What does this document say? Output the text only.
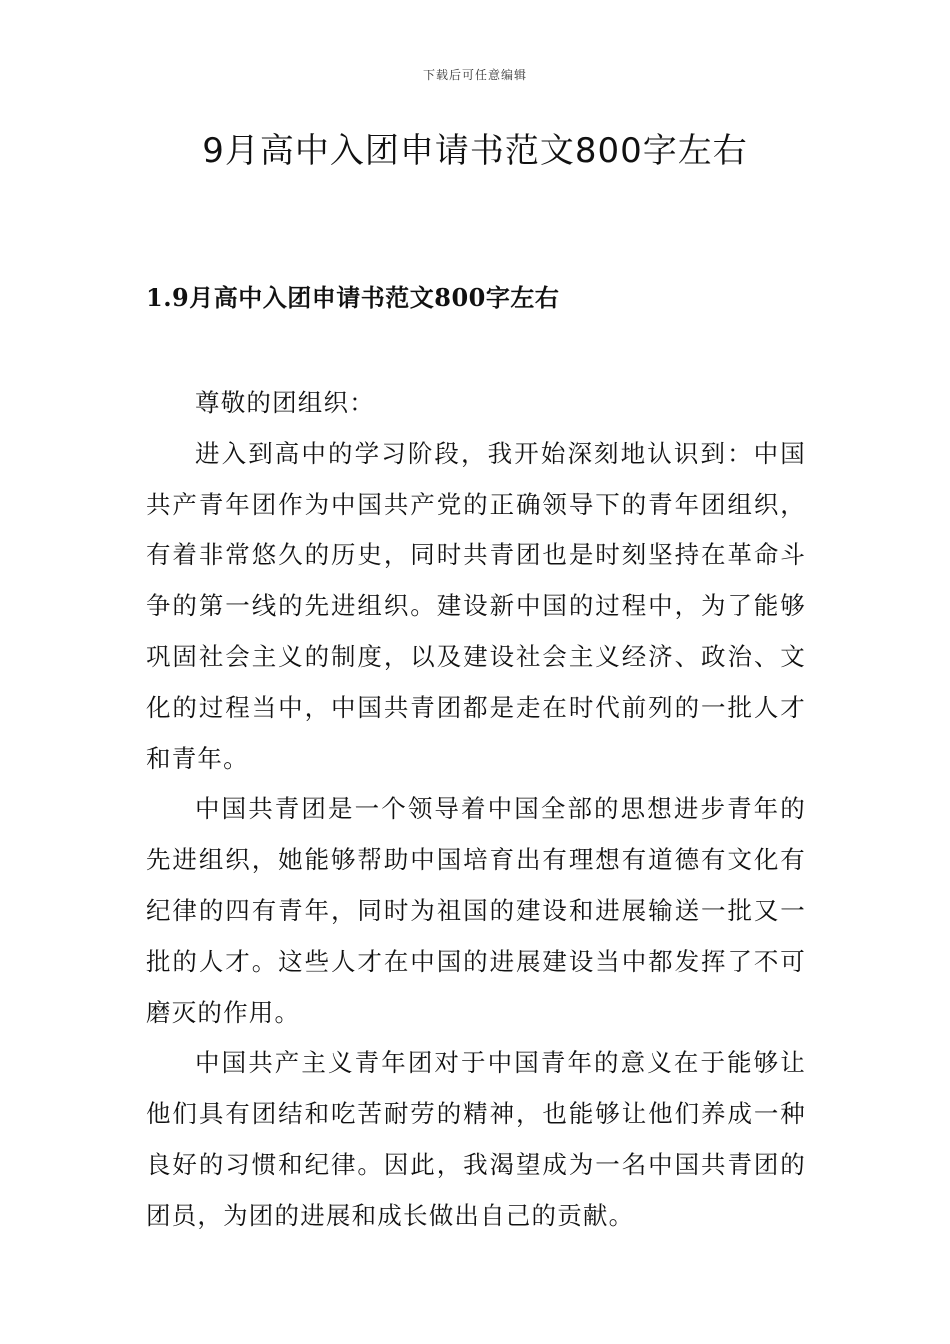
下载后可任意编辑
9月高中入团申请书范文800字左右
1.9月高中入团申请书范文800字左右

尊敬的团组织：

进入到高中的学习阶段，我开始深刻地认识到：中国共产青年团作为中国共产党的正确领导下的青年团组织，有着非常悠久的历史，同时共青团也是时刻坚持在革命斗争的第一线的先进组织。建设新中国的过程中，为了能够巩固社会主义的制度，以及建设社会主义经济、政治、文化的过程当中，中国共青团都是走在时代前列的一批人才和青年。

中国共青团是一个领导着中国全部的思想进步青年的先进组织，她能够帮助中国培育出有理想有道德有文化有纪律的四有青年，同时为祖国的建设和进展输送一批又一批的人才。这些人才在中国的进展建设当中都发挥了不可磨灭的作用。

中国共产主义青年团对于中国青年的意义在于能够让他们具有团结和吃苦耐劳的精神，也能够让他们养成一种良好的习惯和纪律。因此，我渴望成为一名中国共青团的团员，为团的进展和成长做出自己的贡献。
